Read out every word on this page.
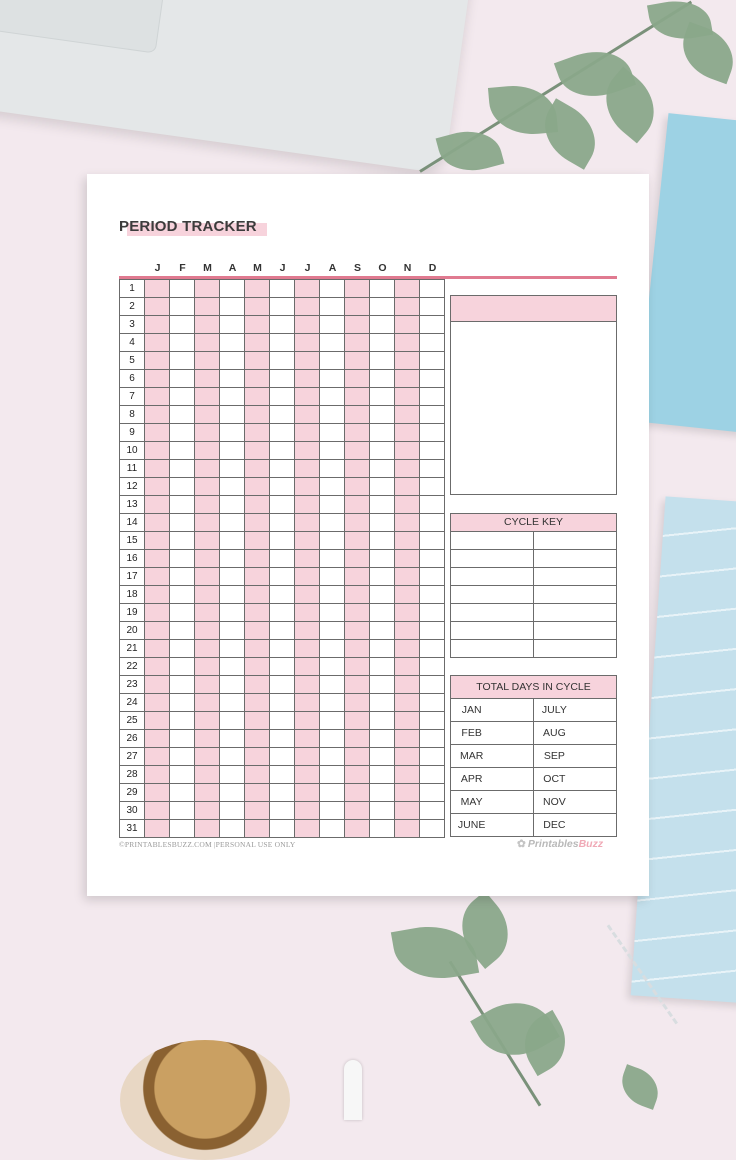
PERIOD TRACKER
J	F	M	A	M	J	J	A	S	O	N	D
1												
2												
3												
4												
5												
6												
7												
8												
9												
10												
11												
12												
13												
14												
15												
16												
17												
18												
19												
20												
21												
22												
23												
24												
25												
26												
27												
28												
29												
30												
31												
CYCLE KEY

TOTAL DAYS IN CYCLE
JAN		JULY	
FEB		AUG	
MAR		SEP	
APR		OCT	
MAY		NOV	
JUNE		DEC	
©PRINTABLESBUZZ.COM |PERSONAL USE ONLY	✿ PrintablesBuzz
